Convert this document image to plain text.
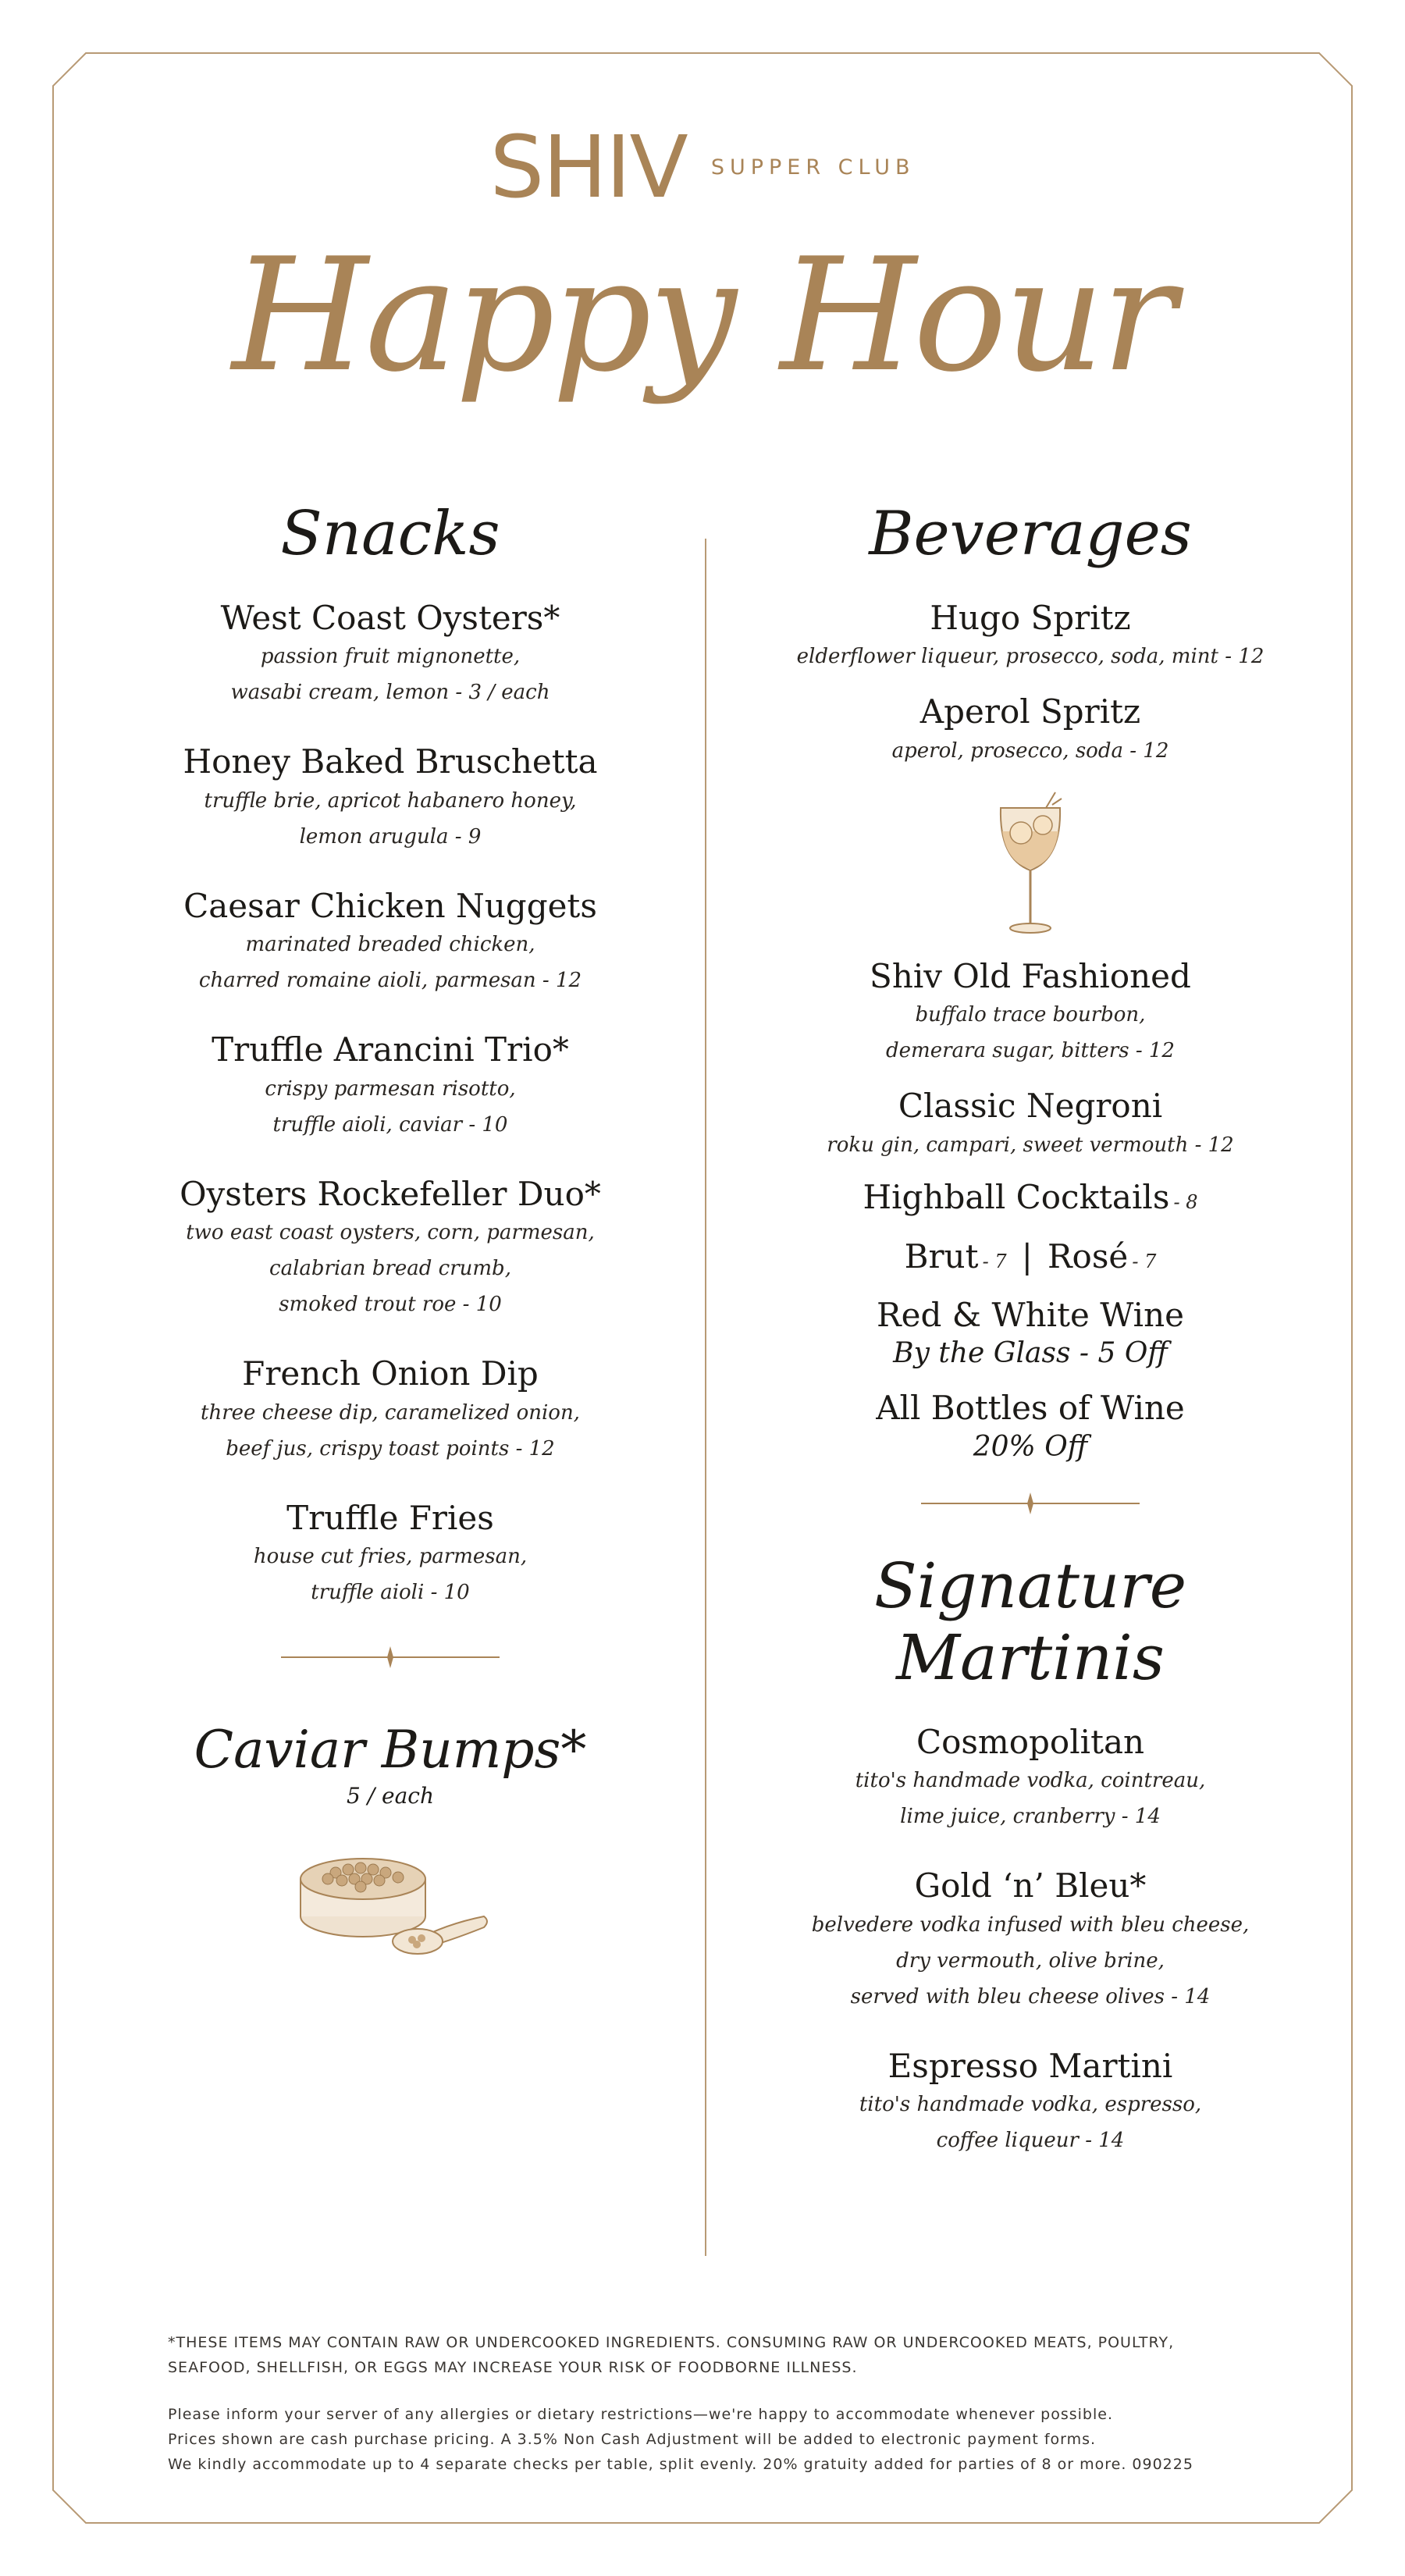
SHIV SUPPER CLUB
Happy Hour
Snacks
West Coast Oysters*
passion fruit mignonette,
wasabi cream, lemon - 3 / each
Honey Baked Bruschetta
truffle brie, apricot habanero honey,
lemon arugula - 9
Caesar Chicken Nuggets
marinated breaded chicken,
charred romaine aioli, parmesan - 12
Truffle Arancini Trio*
crispy parmesan risotto,
truffle aioli, caviar - 10
Oysters Rockefeller Duo*
two east coast oysters, corn, parmesan,
calabrian bread crumb,
smoked trout roe - 10
French Onion Dip
three cheese dip, caramelized onion,
beef jus, crispy toast points - 12
Truffle Fries
house cut fries, parmesan,
truffle aioli - 10
Caviar Bumps*
5 / each
Beverages
Hugo Spritz
elderflower liqueur, prosecco, soda, mint - 12
Aperol Spritz
aperol, prosecco, soda - 12
Shiv Old Fashioned
buffalo trace bourbon,
demerara sugar, bitters - 12
Classic Negroni
roku gin, campari, sweet vermouth - 12
Highball Cocktails - 8
Brut - 7 | Rosé - 7
Red & White Wine
By the Glass - 5 Off
All Bottles of Wine
20% Off
Signature
Martinis
Cosmopolitan
tito's handmade vodka, cointreau,
lime juice, cranberry - 14
Gold ‘n’ Bleu*
belvedere vodka infused with bleu cheese,
dry vermouth, olive brine,
served with bleu cheese olives - 14
Espresso Martini
tito's handmade vodka, espresso,
coffee liqueur - 14
*THESE ITEMS MAY CONTAIN RAW OR UNDERCOOKED INGREDIENTS. CONSUMING RAW OR UNDERCOOKED MEATS, POULTRY,
SEAFOOD, SHELLFISH, OR EGGS MAY INCREASE YOUR RISK OF FOODBORNE ILLNESS.
Please inform your server of any allergies or dietary restrictions—we're happy to accommodate whenever possible.
Prices shown are cash purchase pricing. A 3.5% Non Cash Adjustment will be added to electronic payment forms.
We kindly accommodate up to 4 separate checks per table, split evenly. 20% gratuity added for parties of 8 or more. 090225
